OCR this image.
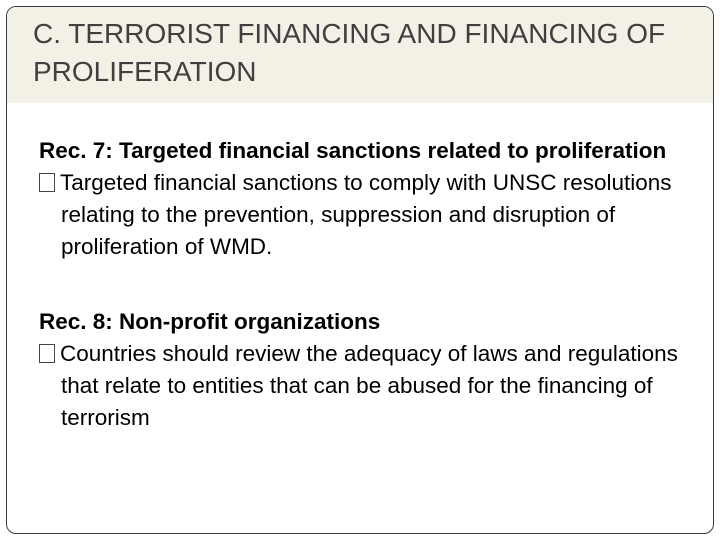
C. TERRORIST FINANCING AND FINANCING OF PROLIFERATION

Rec. 7: Targeted financial sanctions related to proliferation

Targeted financial sanctions to comply with UNSC resolutions relating to the prevention, suppression and disruption of proliferation of WMD.

Rec. 8: Non-profit organizations

Countries should review the adequacy of laws and regulations that relate to entities that can be abused for the financing of terrorism
